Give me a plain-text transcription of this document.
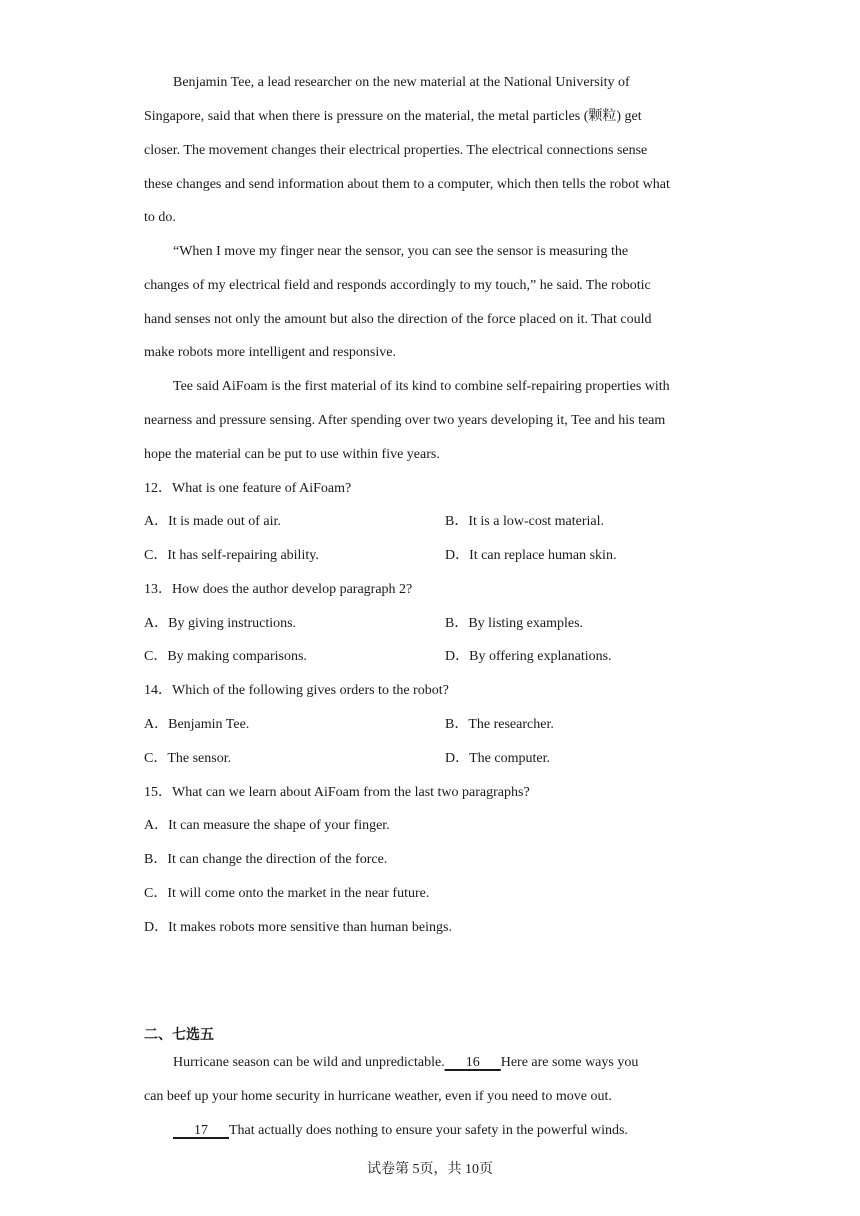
Benjamin Tee, a lead researcher on the new material at the National University of
Singapore, said that when there is pressure on the material, the metal particles (颗粒) get
closer. The movement changes their electrical properties. The electrical connections sense
these changes and send information about them to a computer, which then tells the robot what
to do.
“When I move my finger near the sensor, you can see the sensor is measuring the
changes of my electrical field and responds accordingly to my touch,” he said. The robotic
hand senses not only the amount but also the direction of the force placed on it. That could
make robots more intelligent and responsive.
Tee said AiFoam is the first material of its kind to combine self-repairing properties with
nearness and pressure sensing. After spending over two years developing it, Tee and his team
hope the material can be put to use within five years.
12．What is one feature of AiFoam?
A．It is made out of air.	B．It is a low-cost material.
C．It has self-repairing ability.	D．It can replace human skin.
13．How does the author develop paragraph 2?
A．By giving instructions.	B．By listing examples.
C．By making comparisons.	D．By offering explanations.
14．Which of the following gives orders to the robot?
A．Benjamin Tee.	B．The researcher.
C．The sensor.	D．The computer.
15．What can we learn about AiFoam from the last two paragraphs?
A．It can measure the shape of your finger.
B．It can change the direction of the force.
C．It will come onto the market in the near future.
D．It makes robots more sensitive than human beings.
二、七选五
Hurricane season can be wild and unpredictable. 16 Here are some ways you
can beef up your home security in hurricane weather, even if you need to move out.
17 That actually does nothing to ensure your safety in the powerful winds.
试卷第 5页，共 10页
